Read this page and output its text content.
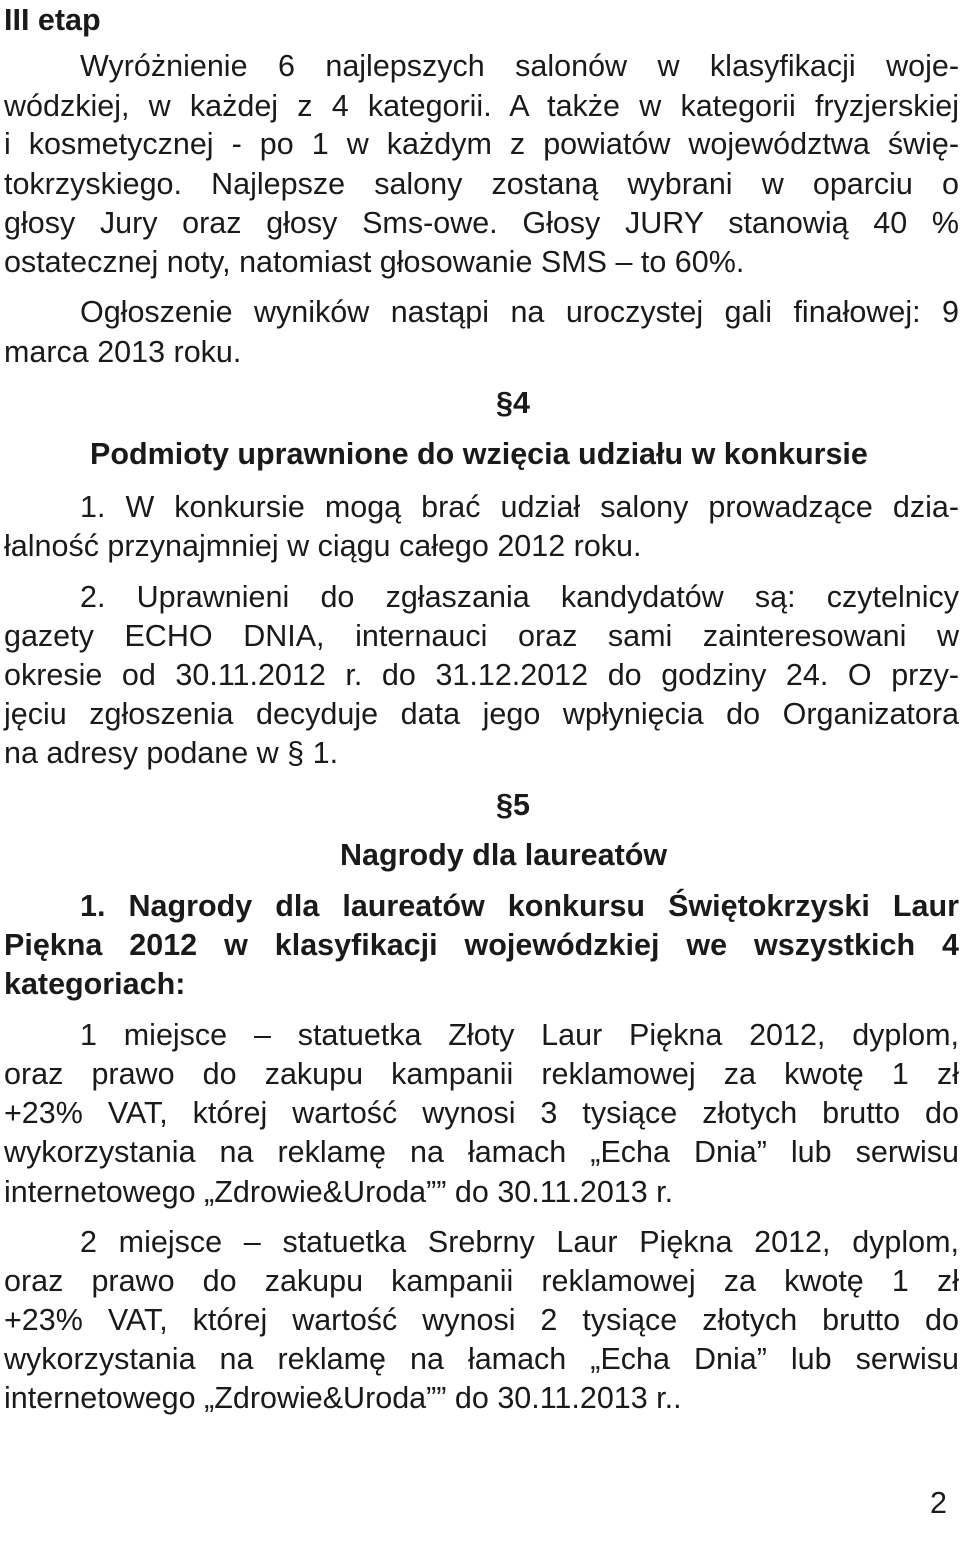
III etap
Wyróżnienie 6 najlepszych salonów w klasyfikacji woje-
wódzkiej, w każdej z 4 kategorii. A także w kategorii fryzjerskiej
i kosmetycznej - po 1 w każdym z powiatów województwa świę-
tokrzyskiego. Najlepsze salony zostaną wybrani w oparciu o
głosy Jury oraz głosy Sms-owe. Głosy JURY stanowią 40 %
ostatecznej noty, natomiast głosowanie SMS – to 60%.
Ogłoszenie wyników nastąpi na uroczystej gali finałowej: 9
marca 2013 roku.
§4
Podmioty uprawnione do wzięcia udziału w konkursie
1. W konkursie mogą brać udział salony prowadzące dzia-
łalność przynajmniej w ciągu całego 2012 roku.
2. Uprawnieni do zgłaszania kandydatów są: czytelnicy
gazety ECHO DNIA, internauci oraz sami zainteresowani w
okresie od 30.11.2012 r. do 31.12.2012 do godziny 24. O przy-
jęciu zgłoszenia decyduje data jego wpłynięcia do Organizatora
na adresy podane w § 1.
§5
Nagrody dla laureatów
1. Nagrody dla laureatów konkursu Świętokrzyski Laur
Piękna 2012 w klasyfikacji wojewódzkiej we wszystkich 4
kategoriach:
1 miejsce – statuetka Złoty Laur Piękna 2012, dyplom,
oraz prawo do zakupu kampanii reklamowej za kwotę 1 zł
+23% VAT, której wartość wynosi 3 tysiące złotych brutto do
wykorzystania na reklamę na łamach „Echa Dnia” lub serwisu
internetowego „Zdrowie&Uroda”” do 30.11.2013 r.
2 miejsce – statuetka Srebrny Laur Piękna 2012, dyplom,
oraz prawo do zakupu kampanii reklamowej za kwotę 1 zł
+23% VAT, której wartość wynosi 2 tysiące złotych brutto do
wykorzystania na reklamę na łamach „Echa Dnia” lub serwisu
internetowego „Zdrowie&Uroda”” do 30.11.2013 r..
2
